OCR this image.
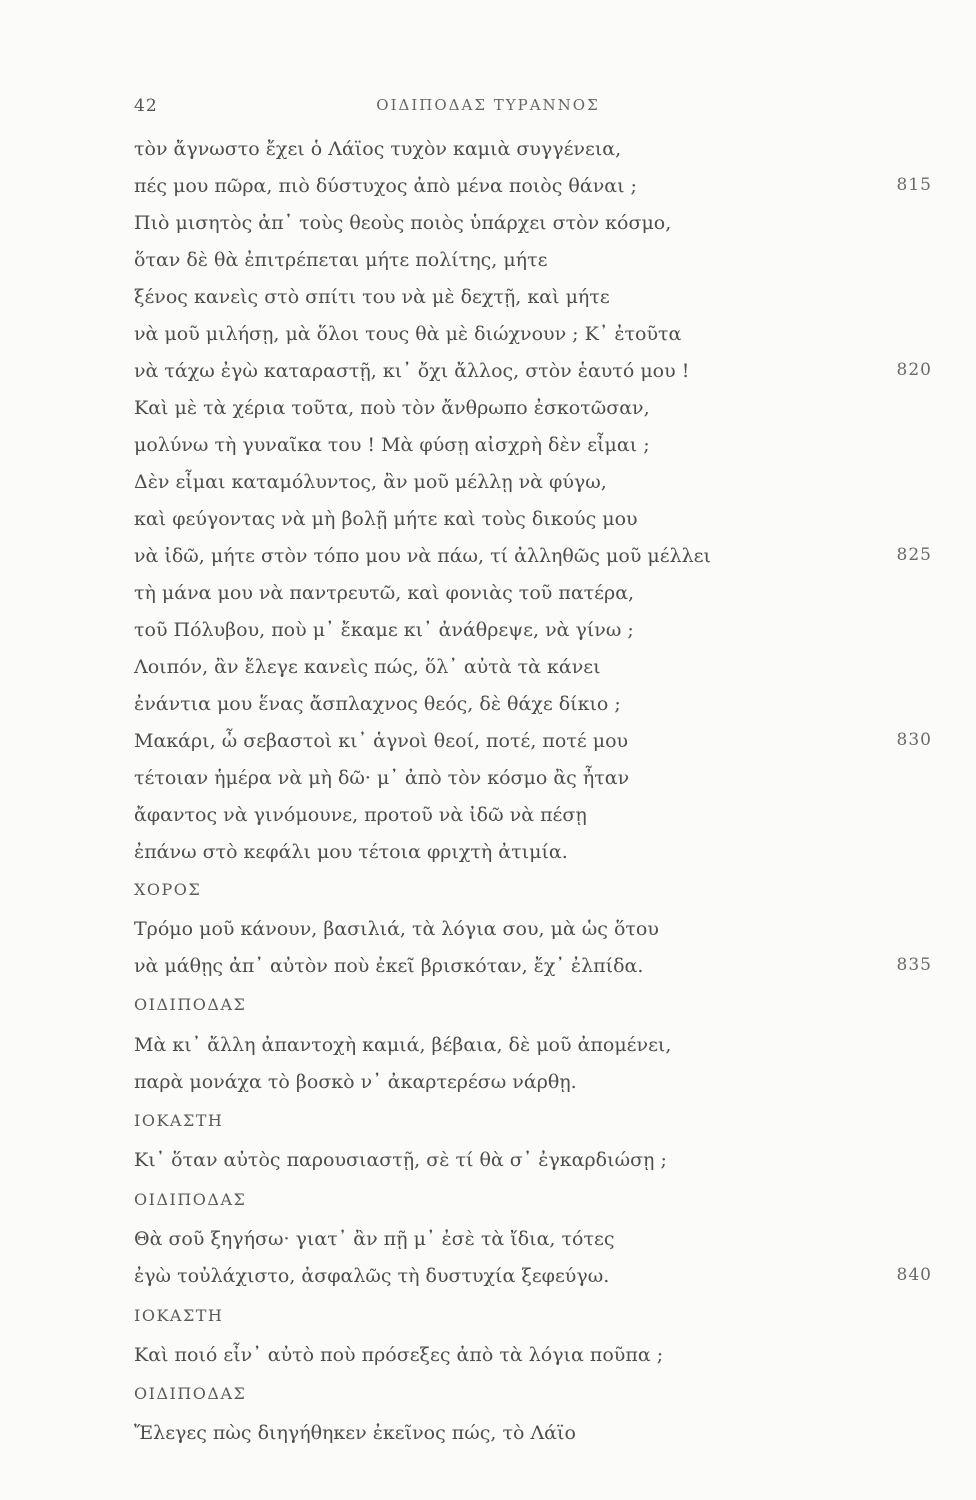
42	ΟΙΔΙΠΟΔΑΣ ΤΥΡΑΝΝΟΣ
τὸν ἄγνωστο ἔχει ὁ Λάϊος τυχὸν καμιὰ συγγένεια,
πές μου πῶρα, πιὸ δύστυχος ἀπὸ μένα ποιὸς θάναι ;
Πιὸ μισητὸς ἀπ᾽ τοὺς θεοὺς ποιὸς ὑπάρχει στὸν κόσμο,
ὅταν δὲ θὰ ἐπιτρέπεται μήτε πολίτης, μήτε
ξένος κανεὶς στὸ σπίτι του νὰ μὲ δεχτῇ, καὶ μήτε
νὰ μοῦ μιλήσῃ, μὰ ὅλοι τους θὰ μὲ διώχνουν ; Κ᾽ ἐτοῦτα
νὰ τάχω ἐγὼ καταραστῇ, κι᾽ ὄχι ἄλλος, στὸν ἑαυτό μου !
Καὶ μὲ τὰ χέρια τοῦτα, ποὺ τὸν ἄνθρωπο ἐσκοτῶσαν,
μολύνω τὴ γυναῖκα του ! Μὰ φύσῃ αἰσχρὴ δὲν εἶμαι ;
Δὲν εἶμαι καταμόλυντος, ἂν μοῦ μέλλῃ νὰ φύγω,
καὶ φεύγοντας νὰ μὴ βολῇ μήτε καὶ τοὺς δικούς μου
νὰ ἰδῶ, μήτε στὸν τόπο μου νὰ πάω, τί ἀλληθῶς μοῦ μέλλει
τὴ μάνα μου νὰ παντρευτῶ, καὶ φονιὰς τοῦ πατέρα,
τοῦ Πόλυβου, ποὺ μ᾽ ἔκαμε κι᾽ ἀνάθρεψε, νὰ γίνω ;
Λοιπόν, ἂν ἔλεγε κανεὶς πώς, ὅλ᾽ αὐτὰ τὰ κάνει
ἐνάντια μου ἕνας ἄσπλαχνος θεός, δὲ θάχε δίκιο ;
Μακάρι, ὦ σεβαστοὶ κι᾽ ἁγνοὶ θεοί, ποτέ, ποτέ μου
τέτοιαν ἡμέρα νὰ μὴ δῶ· μ᾽ ἀπὸ τὸν κόσμο ἂς ἦταν
ἄφαντος νὰ γινόμουνε, προτοῦ νὰ ἰδῶ νὰ πέσῃ
ἐπάνω στὸ κεφάλι μου τέτοια φριχτὴ ἀτιμία.
ΧΟΡΟΣ
Τρόμο μοῦ κάνουν, βασιλιά, τὰ λόγια σου, μὰ ὡς ὅτου
νὰ μάθῃς ἀπ᾽ αὐτὸν ποὺ ἐκεῖ βρισκόταν, ἔχ᾽ ἐλπίδα.
ΟΙΔΙΠΟΔΑΣ
Μὰ κι᾽ ἄλλη ἀπαντοχὴ καμιά, βέβαια, δὲ μοῦ ἀπομένει,
παρὰ μονάχα τὸ βοσκὸ ν᾽ ἀκαρτερέσω νάρθῃ.
ΙΟΚΑΣΤΗ
Κι᾽ ὅταν αὐτὸς παρουσιαστῇ, σὲ τί θὰ σ᾽ ἐγκαρδιώσῃ ;
ΟΙΔΙΠΟΔΑΣ
Θὰ σοῦ ξηγήσω· γιατ᾽ ἂν πῇ μ᾽ ἐσὲ τὰ ἴδια, τότες
ἐγὼ τοὐλάχιστο, ἀσφαλῶς τὴ δυστυχία ξεφεύγω.
ΙΟΚΑΣΤΗ
Καὶ ποιό εἶν᾽ αὐτὸ ποὺ πρόσεξες ἀπὸ τὰ λόγια ποῦπα ;
ΟΙΔΙΠΟΔΑΣ
Ἔλεγες πὼς διηγήθηκεν ἐκεῖνος πώς, τὸ Λάϊο
815
820
825
830
835
840
